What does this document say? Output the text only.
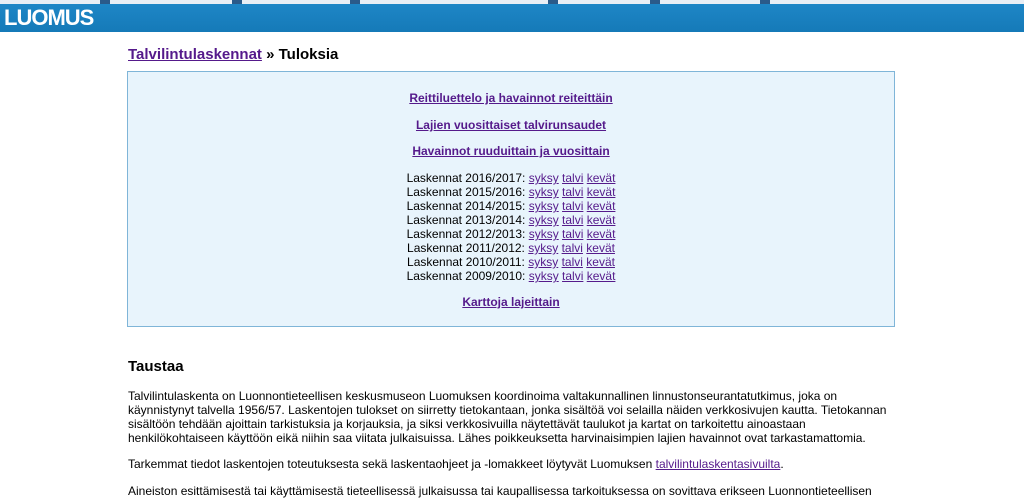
LUOMUS
Talvilintulaskennat » Tuloksia
Reittiluettelo ja havainnot reiteittäin
Lajien vuosittaiset talvirunsaudet
Havainnot ruuduittain ja vuosittain
Laskennat 2016/2017: syksy talvi kevät
Laskennat 2015/2016: syksy talvi kevät
Laskennat 2014/2015: syksy talvi kevät
Laskennat 2013/2014: syksy talvi kevät
Laskennat 2012/2013: syksy talvi kevät
Laskennat 2011/2012: syksy talvi kevät
Laskennat 2010/2011: syksy talvi kevät
Laskennat 2009/2010: syksy talvi kevät
Karttoja lajeittain
Taustaa
Talvilintulaskenta on Luonnontieteellisen keskusmuseon Luomuksen koordinoima valtakunnallinen linnustonseurantatutkimus, joka on käynnistynyt talvella 1956/57. Laskentojen tulokset on siirretty tietokantaan, jonka sisältöä voi selailla näiden verkkosivujen kautta. Tietokannan sisältöön tehdään ajoittain tarkistuksia ja korjauksia, ja siksi verkkosivuilla näytettävät taulukot ja kartat on tarkoitettu ainoastaan henkilökohtaiseen käyttöön eikä niihin saa viitata julkaisuissa. Lähes poikkeuksetta harvinaisimpien lajien havainnot ovat tarkastamattomia.
Tarkemmat tiedot laskentojen toteutuksesta sekä laskentaohjeet ja -lomakkeet löytyvät Luomuksen talvilintulaskentasivuilta.
Aineiston esittämisestä tai käyttämisestä tieteellisessä julkaisussa tai kaupallisessa tarkoituksessa on sovittava erikseen Luonnontieteellisen
